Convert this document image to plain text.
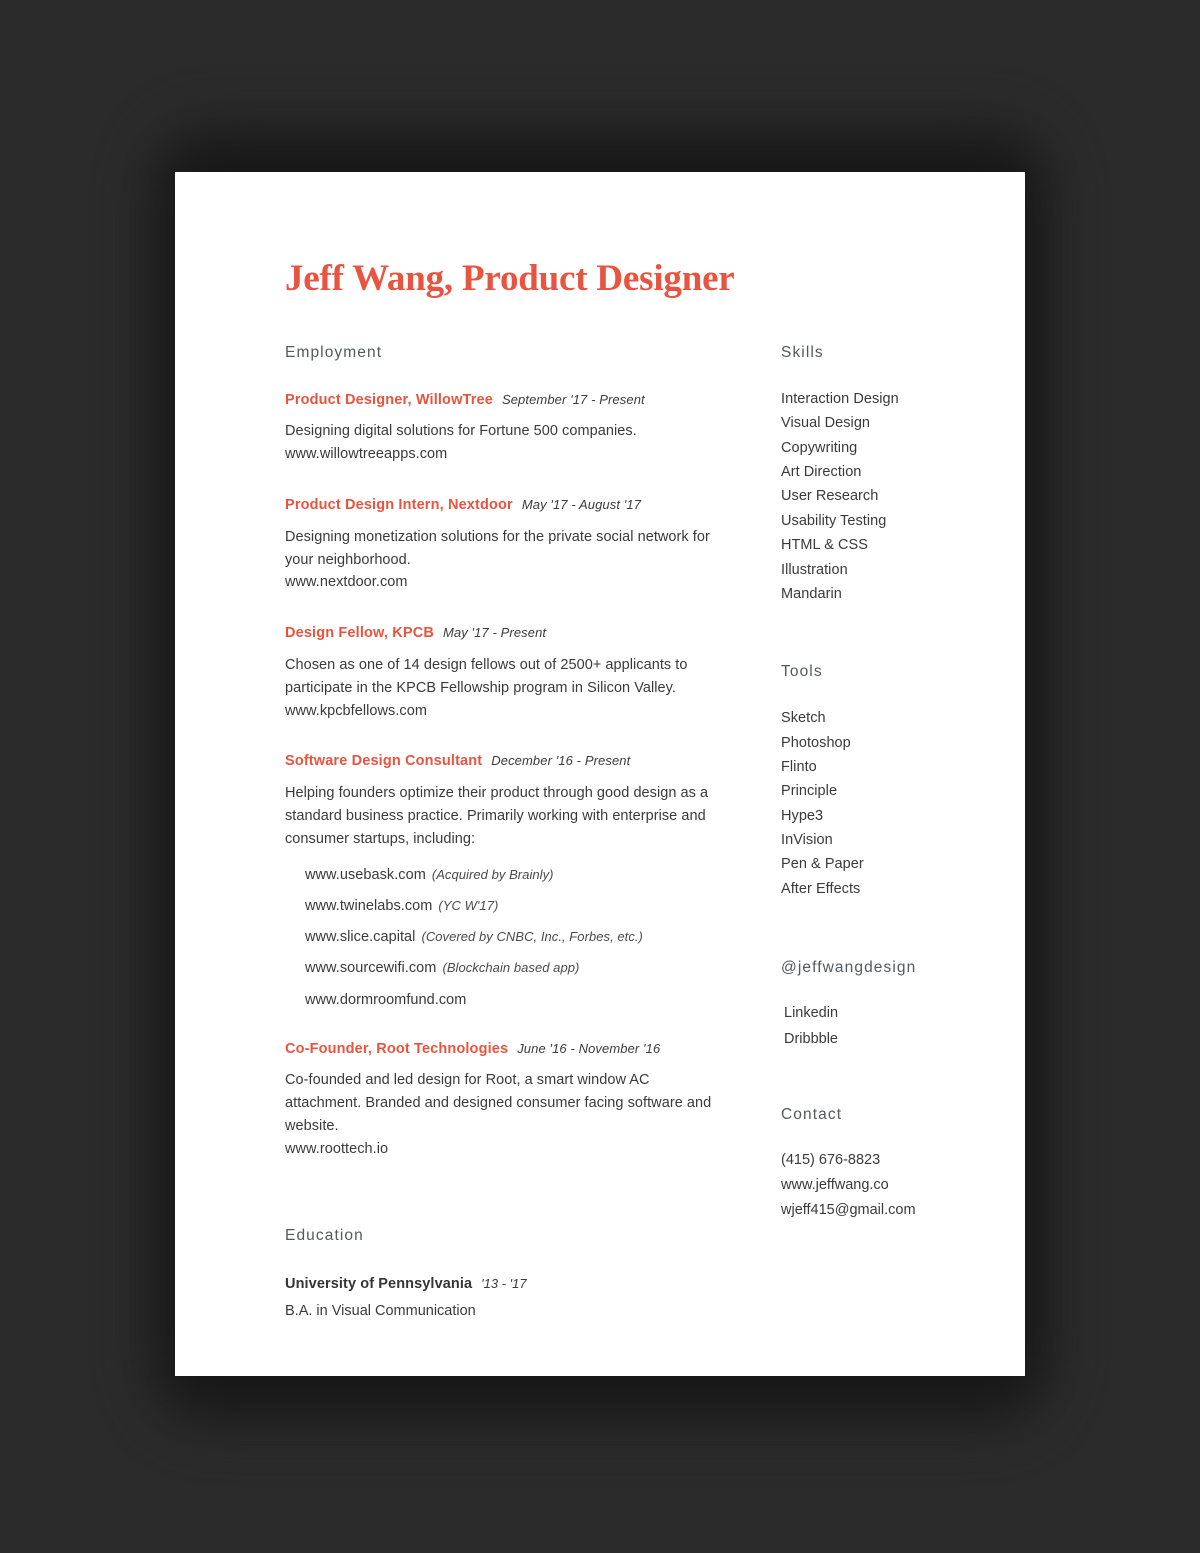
Jeff Wang, Product Designer
Employment

Product Designer, WillowTree September '17 - Present

Designing digital solutions for Fortune 500 companies.

www.willowtreeapps.com

Product Design Intern, Nextdoor May '17 - August '17

Designing monetization solutions for the private social network for your neighborhood.

www.nextdoor.com

Design Fellow, KPCB May '17 - Present

Chosen as one of 14 design fellows out of 2500+ applicants to participate in the KPCB Fellowship program in Silicon Valley.

www.kpcbfellows.com

Software Design Consultant December '16 - Present

Helping founders optimize their product through good design as a standard business practice. Primarily working with enterprise and consumer startups, including:

www.usebask.com (Acquired by Brainly)
www.twinelabs.com (YC W'17)
www.slice.capital (Covered by CNBC, Inc., Forbes, etc.)
www.sourcewifi.com (Blockchain based app)
www.dormroomfund.com

Co-Founder, Root Technologies June '16 - November '16

Co-founded and led design for Root, a smart window AC attachment. Branded and designed consumer facing software and website.

www.roottech.io

Education

University of Pennsylvania '13 - '17

B.A. in Visual Communication

Skills
Interaction Design
Visual Design
Copywriting
Art Direction
User Research
Usability Testing
HTML & CSS
Illustration
Mandarin
Tools
Sketch
Photoshop
Flinto
Principle
Hype3
InVision
Pen & Paper
After Effects
@jeffwangdesign
Linkedin
Dribbble
Contact
(415) 676-8823
www.jeffwang.co
wjeff415@gmail.com
